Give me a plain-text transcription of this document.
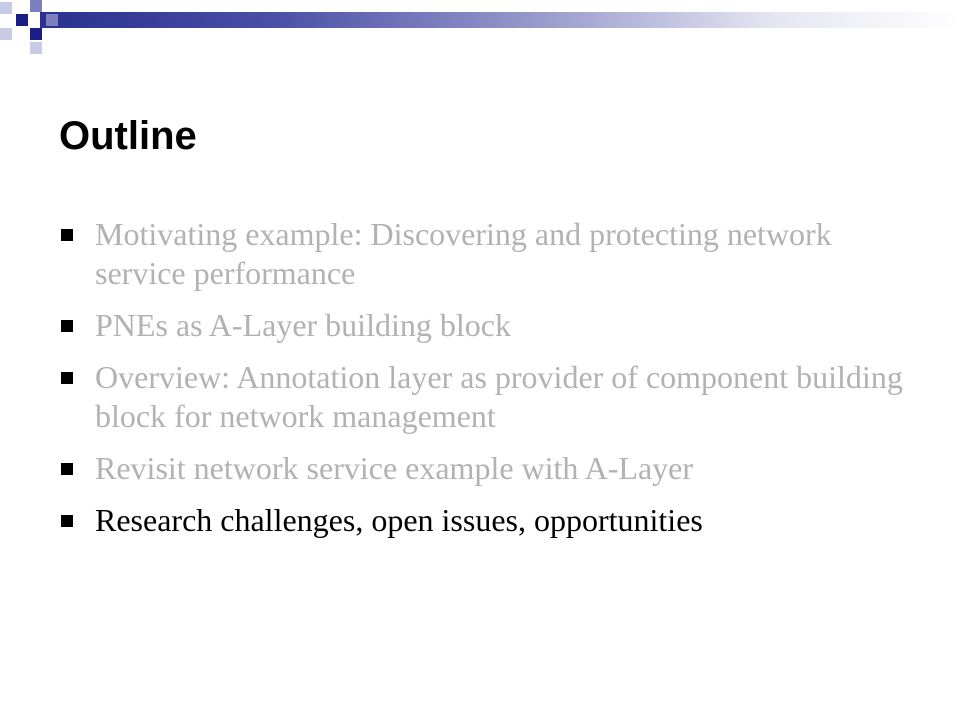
Outline
Motivating example: Discovering and protecting network service performance
PNEs as A-Layer building block
Overview: Annotation layer as provider of component building block for network management
Revisit network service example with A-Layer
Research challenges, open issues, opportunities
